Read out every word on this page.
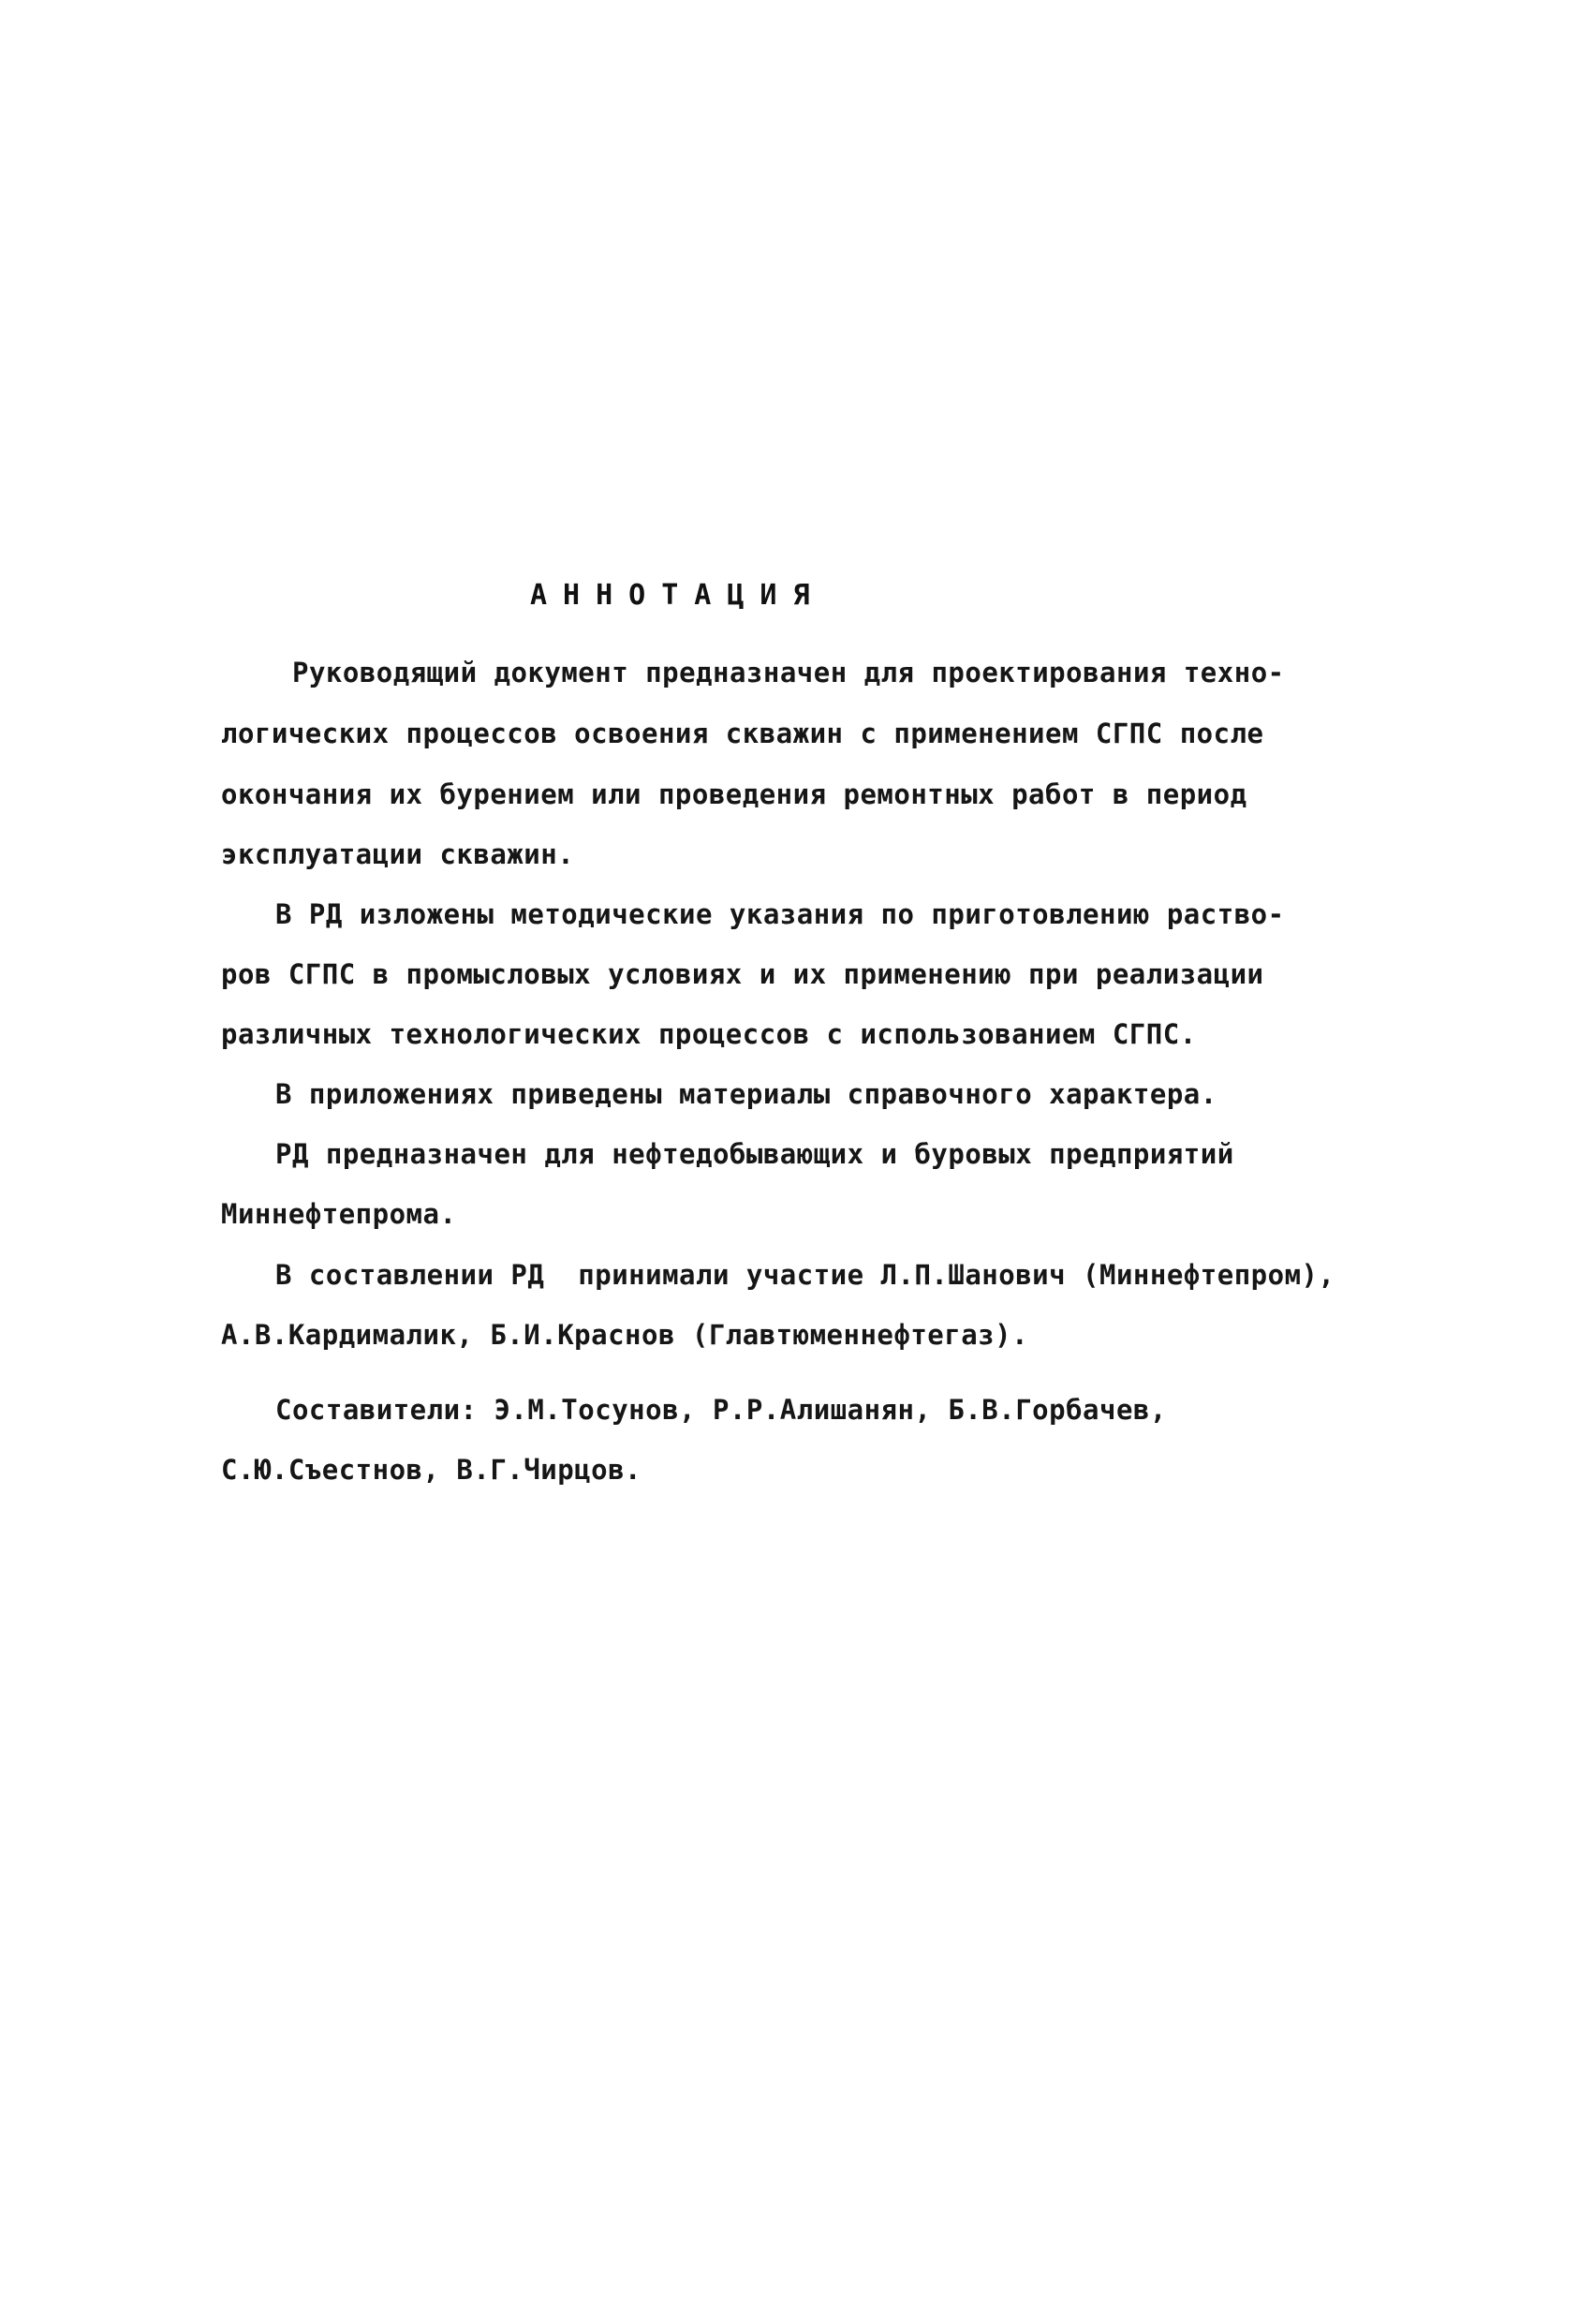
АННОТАЦИЯ
Руководящий документ предназначен для проектирования техно-
логических процессов освоения скважин с применением СГПС после
окончания их бурением или проведения ремонтных работ в период
эксплуатации скважин.
В РД изложены методические указания по приготовлению раство-
ров СГПС в промысловых условиях и их применению при реализации
различных технологических процессов с использованием СГПС.
В приложениях приведены материалы справочного характера.
РД предназначен для нефтедобывающих и буровых предприятий
Миннефтепрома.
В составлении РД  принимали участие Л.П.Шанович (Миннефтепром),
А.В.Кардималик, Б.И.Краснов (Главтюменнефтегаз).
Составители: Э.М.Тосунов, Р.Р.Алишанян, Б.В.Горбачев,
С.Ю.Съестнов, В.Г.Чирцов.
